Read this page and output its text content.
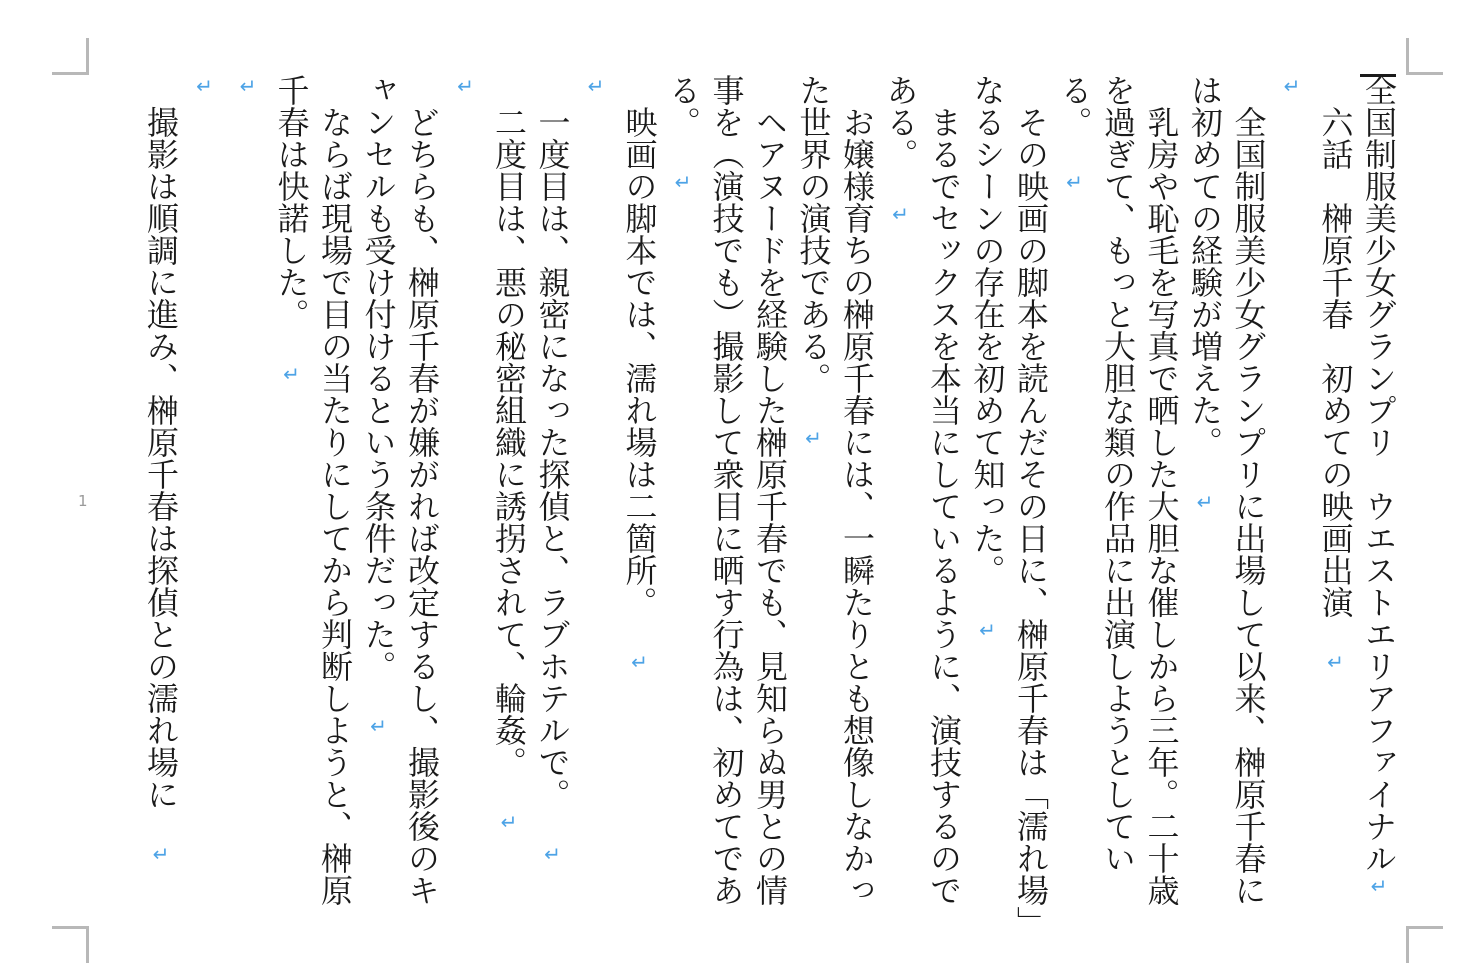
全国制服美少女グランプリ　ウエストエリアファイナル↵

六話　榊原千春　初めての映画出演↵

↵

全国制服美少女グランプリに出場して以来、榊原千春には初めての経験が増えた。↵

乳房や恥毛を写真で晒した大胆な催しから三年。二十歳を過ぎて、もっと大胆な類の作品に出演しようとしている。↵

その映画の脚本を読んだその日に、榊原千春は「濡れ場」なるシーンの存在を初めて知った。↵

まるでセックスを本当にしているように、演技するのである。↵

お嬢様育ちの榊原千春には、一瞬たりとも想像しなかった世界の演技である。↵

ヘアヌードを経験した榊原千春でも、見知らぬ男との情事を（演技でも）撮影して衆目に晒す行為は、初めてである。↵

映画の脚本では、濡れ場は二箇所。↵

↵

一度目は、親密になった探偵と、ラブホテルで。↵

二度目は、悪の秘密組織に誘拐されて、輪姦。↵

↵

どちらも、榊原千春が嫌がれば改定するし、撮影後のキャンセルも受け付けるという条件だった。↵

ならば現場で目の当たりにしてから判断しようと、榊原千春は快諾した。↵

↵

↵

撮影は順調に進み、榊原千春は探偵との濡れ場に↵

1
